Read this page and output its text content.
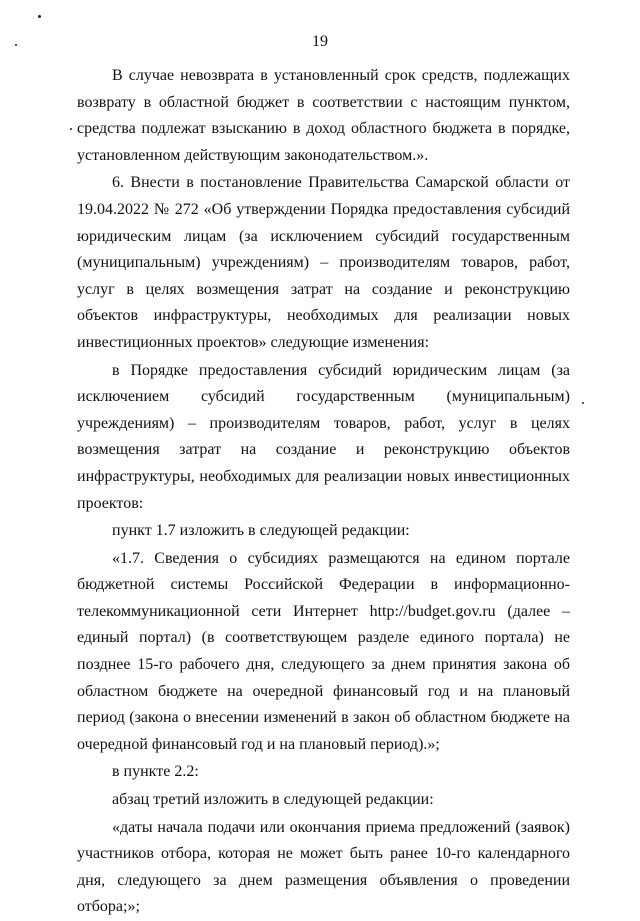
19

В случае невозврата в установленный срок средств, подлежащих возврату в областной бюджет в соответствии с настоящим пунктом, средства подлежат взысканию в доход областного бюджета в порядке, установленном действующим законодательством.».

6. Внести в постановление Правительства Самарской области от 19.04.2022 № 272 «Об утверждении Порядка предоставления субсидий юридическим лицам (за исключением субсидий государственным (муниципальным) учреждениям) – производителям товаров, работ, услуг в целях возмещения затрат на создание и реконструкцию объектов инфраструктуры, необходимых для реализации новых инвестиционных проектов» следующие изменения:

в Порядке предоставления субсидий юридическим лицам (за исключением субсидий государственным (муниципальным) учреждениям) – производителям товаров, работ, услуг в целях возмещения затрат на создание и реконструкцию объектов инфраструктуры, необходимых для реализации новых инвестиционных проектов:

пункт 1.7 изложить в следующей редакции:

«1.7. Сведения о субсидиях размещаются на едином портале бюджетной системы Российской Федерации в информационно-телекоммуникационной сети Интернет http://budget.gov.ru (далее – единый портал) (в соответствующем разделе единого портала) не позднее 15-го рабочего дня, следующего за днем принятия закона об областном бюджете на очередной финансовый год и на плановый период (закона о внесении изменений в закон об областном бюджете на очередной финансовый год и на плановый период).»;

в пункте 2.2:

абзац третий изложить в следующей редакции:

«даты начала подачи или окончания приема предложений (заявок) участников отбора, которая не может быть ранее 10-го календарного дня, следующего за днем размещения объявления о проведении отбора;»;
